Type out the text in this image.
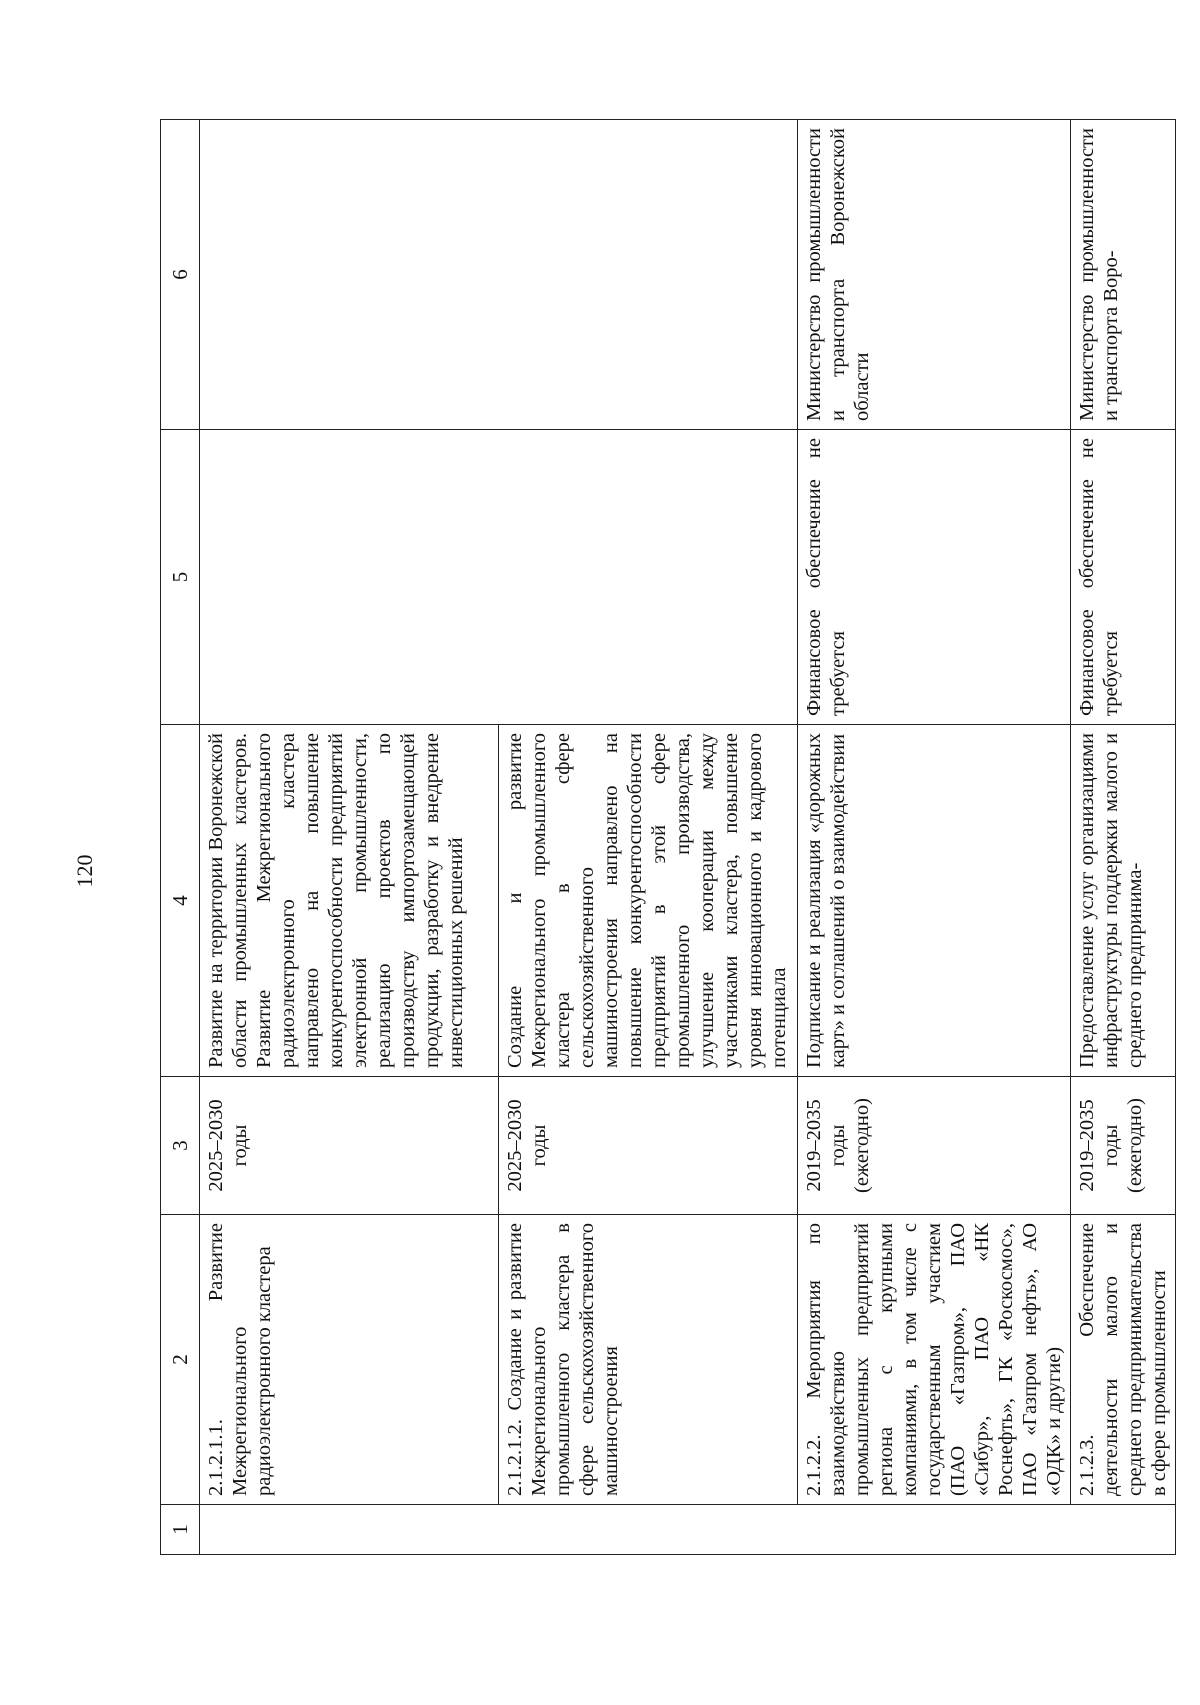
120
1	2	3	4	5	6
	2.1.2.1.1. Развитие Межрегионального радиоэлектронного кластера	2025–2030 годы	Развитие на территории Воронежской области промышленных кластеров. Развитие Межрегионального радиоэлектронного кластера направлено на повышение конкурентоспособности предприятий электронной промышленности, реализацию проектов по производству импортозамещающей продукции, разработку и внедрение инвестиционных решений		
	2.1.2.1.2. Создание и развитие Межрегионального промышленного кластера в сфере сельскохозяйственного машиностроения	2025–2030 годы	Создание и развитие Межрегионального промышленного кластера в сфере сельскохозяйственного машиностроения направлено на повышение конкурентоспособности предприятий в этой сфере промышленного производства, улучшение кооперации между участниками кластера, повышение уровня инновационного и кадрового потенциала		
	2.1.2.2. Мероприятия по взаимодействию промышленных предприятий региона с крупными компаниями, в том числе с государственным участием (ПАО «Газпром», ПАО «Сибур», ПАО «НК Роснефть», ГК «Роскосмос», ПАО «Газпром нефть», АО «ОДК» и другие)	2019–2035 годы (ежегодно)	Подписание и реализация «дорожных карт» и соглашений о взаимодействии	Финансовое обеспечение не требуется	Министерство промышленности и транспорта Воронежской области
	2.1.2.3. Обеспечение деятельности малого и среднего предпринимательства в сфере промышленности	2019–2035 годы (ежегодно)	Предоставление услуг организациями инфраструктуры поддержки малого и среднего предпринима-	Финансовое обеспечение не требуется	Министерство промышленности и транспорта Воро-
